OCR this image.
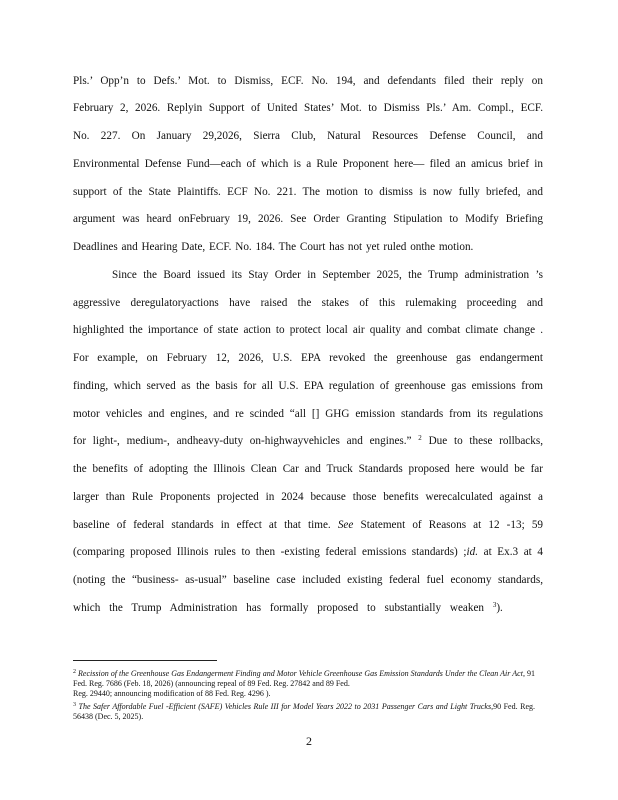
Pls.’ Opp’n to Defs.’ Mot. to Dismiss, ECF. No. 194, and defendants filed their reply on
February 2, 2026. Replyin Support of United States’ Mot. to Dismiss Pls.’ Am. Compl., ECF.
No. 227. On January 29,2026, Sierra Club, Natural Resources Defense Council, and
Environmental Defense Fund—each of which is a Rule Proponent here— filed an amicus brief in
support of the State Plaintiffs. ECF No. 221. The motion to dismiss is now fully briefed, and
argument was heard onFebruary 19, 2026. See Order Granting Stipulation to Modify Briefing
Deadlines and Hearing Date, ECF. No. 184. The Court has not yet ruled onthe motion.
Since the Board issued its Stay Order in September 2025, the Trump administration ’s
aggressive deregulatoryactions have raised the stakes of this rulemaking proceeding and
highlighted the importance of state action to protect local air quality and combat climate change .
For example, on February 12, 2026, U.S. EPA revoked the greenhouse gas endangerment
finding, which served as the basis for all U.S. EPA regulation of greenhouse gas emissions from
motor vehicles and engines, and re scinded “all [] GHG emission standards from its regulations
for light-, medium-, andheavy-duty on-highwayvehicles and engines.” $^2$ Due to these rollbacks,
the benefits of adopting the Illinois Clean Car and Truck Standards proposed here would be far
larger than Rule Proponents projected in 2024 because those benefits werecalculated against a
baseline of federal standards in effect at that time. See Statement of Reasons at 12 -13; 59
(comparing proposed Illinois rules to then -existing federal emissions standards) ;id. at Ex.3 at 4
(noting the “business- as-usual” baseline case included existing federal fuel economy standards,
which the Trump Administration has formally proposed to substantially weaken $^3$).
$^2$ Recission of the Greenhouse Gas Endangerment Finding and Motor Vehicle Greenhouse Gas Emission Standards Under the Clean Air Act, 91 Fed. Reg. 7686 (Feb. 18, 2026) (announcing repeal of 89 Fed. Reg. 27842 and 89 Fed.
Reg. 29440; announcing modification of 88 Fed. Reg. 4296 ).
$^3$ The Safer Affordable Fuel -Efficient (SAFE) Vehicles Rule III for Model Years 2022 to 2031 Passenger Cars and Light Trucks,90 Fed. Reg. 56438 (Dec. 5, 2025).
2
